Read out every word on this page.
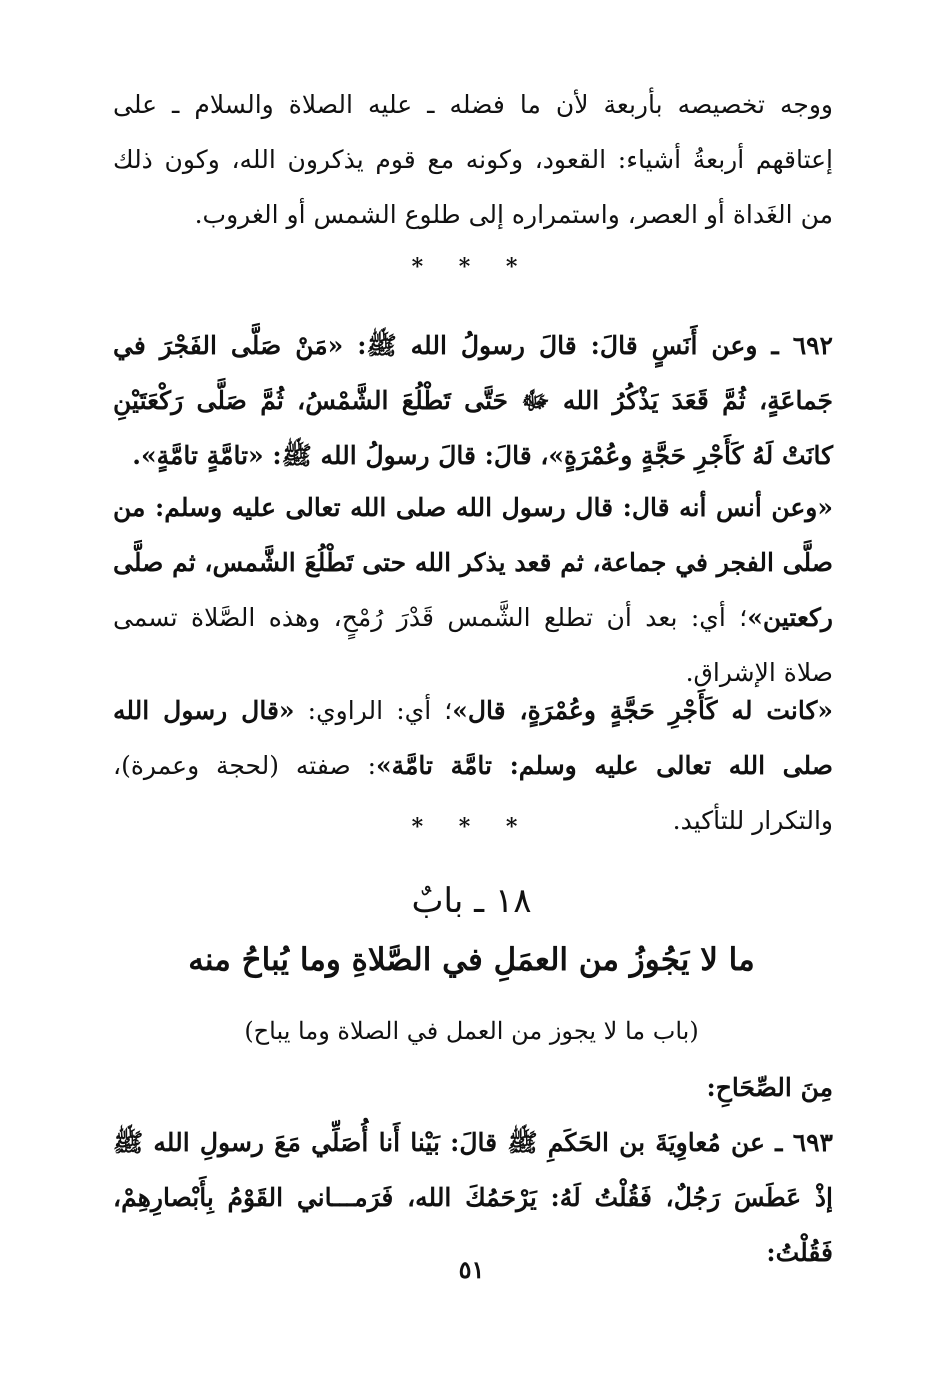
ووجه تخصيصه بأربعة لأن ما فضله ـ عليه الصلاة والسلام ـ على إعتاقهم أربعةُ أشياء: القعود، وكونه مع قوم يذكرون الله، وكون ذلك من الغَداة أو العصر، واستمراره إلى طلوع الشمس أو الغروب.

* * *

٦٩٢ ـ وعن أَنَسٍ قالَ: قالَ رسولُ الله ﷺ: «مَنْ صَلَّى الفَجْرَ في جَماعَةٍ، ثُمَّ قَعَدَ يَذْكُرُ الله ﷻ حَتَّى تَطْلُعَ الشَّمْسُ، ثُمَّ صَلَّى رَكْعَتَيْنِ كانَتْ لَهُ كَأَجْرِ حَجَّةٍ وعُمْرَةٍ»، قالَ: قالَ رسولُ الله ﷺ: «تامَّةٍ تامَّةٍ».

«وعن أنس أنه قال: قال رسول الله صلى الله تعالى عليه وسلم: من صلَّى الفجر في جماعة، ثم قعد يذكر الله حتى تَطْلُعَ الشَّمس، ثم صلَّى ركعتين»؛ أي: بعد أن تطلع الشَّمس قَدْرَ رُمْحٍ، وهذه الصَّلاة تسمى صلاة الإشراق.

«كانت له كَأَجْرِ حَجَّةٍ وعُمْرَةٍ، قال»؛ أي: الراوي: «قال رسول الله صلى الله تعالى عليه وسلم: تامَّة تامَّة»: صفته (لحجة وعمرة)، والتكرار للتأكيد.

* * *
١٨ ـ بابٌ
ما لا يَجُوزُ من العمَلِ في الصَّلاةِ وما يُباحُ منه
(باب ما لا يجوز من العمل في الصلاة وما يباح)
مِنَ الصِّحَاحِ:

٦٩٣ ـ عن مُعاوِيَةَ بن الحَكَمِ ﷺ قالَ: بَيْنا أَنا أُصَلِّي مَعَ رسولِ الله ﷺ إذْ عَطَسَ رَجُلٌ، فَقُلْتُ لَهُ: يَرْحَمُكَ الله، فَرَمـــاني القَوْمُ بِأَبْصارِهِمْ، فَقُلْتُ:

٥١
